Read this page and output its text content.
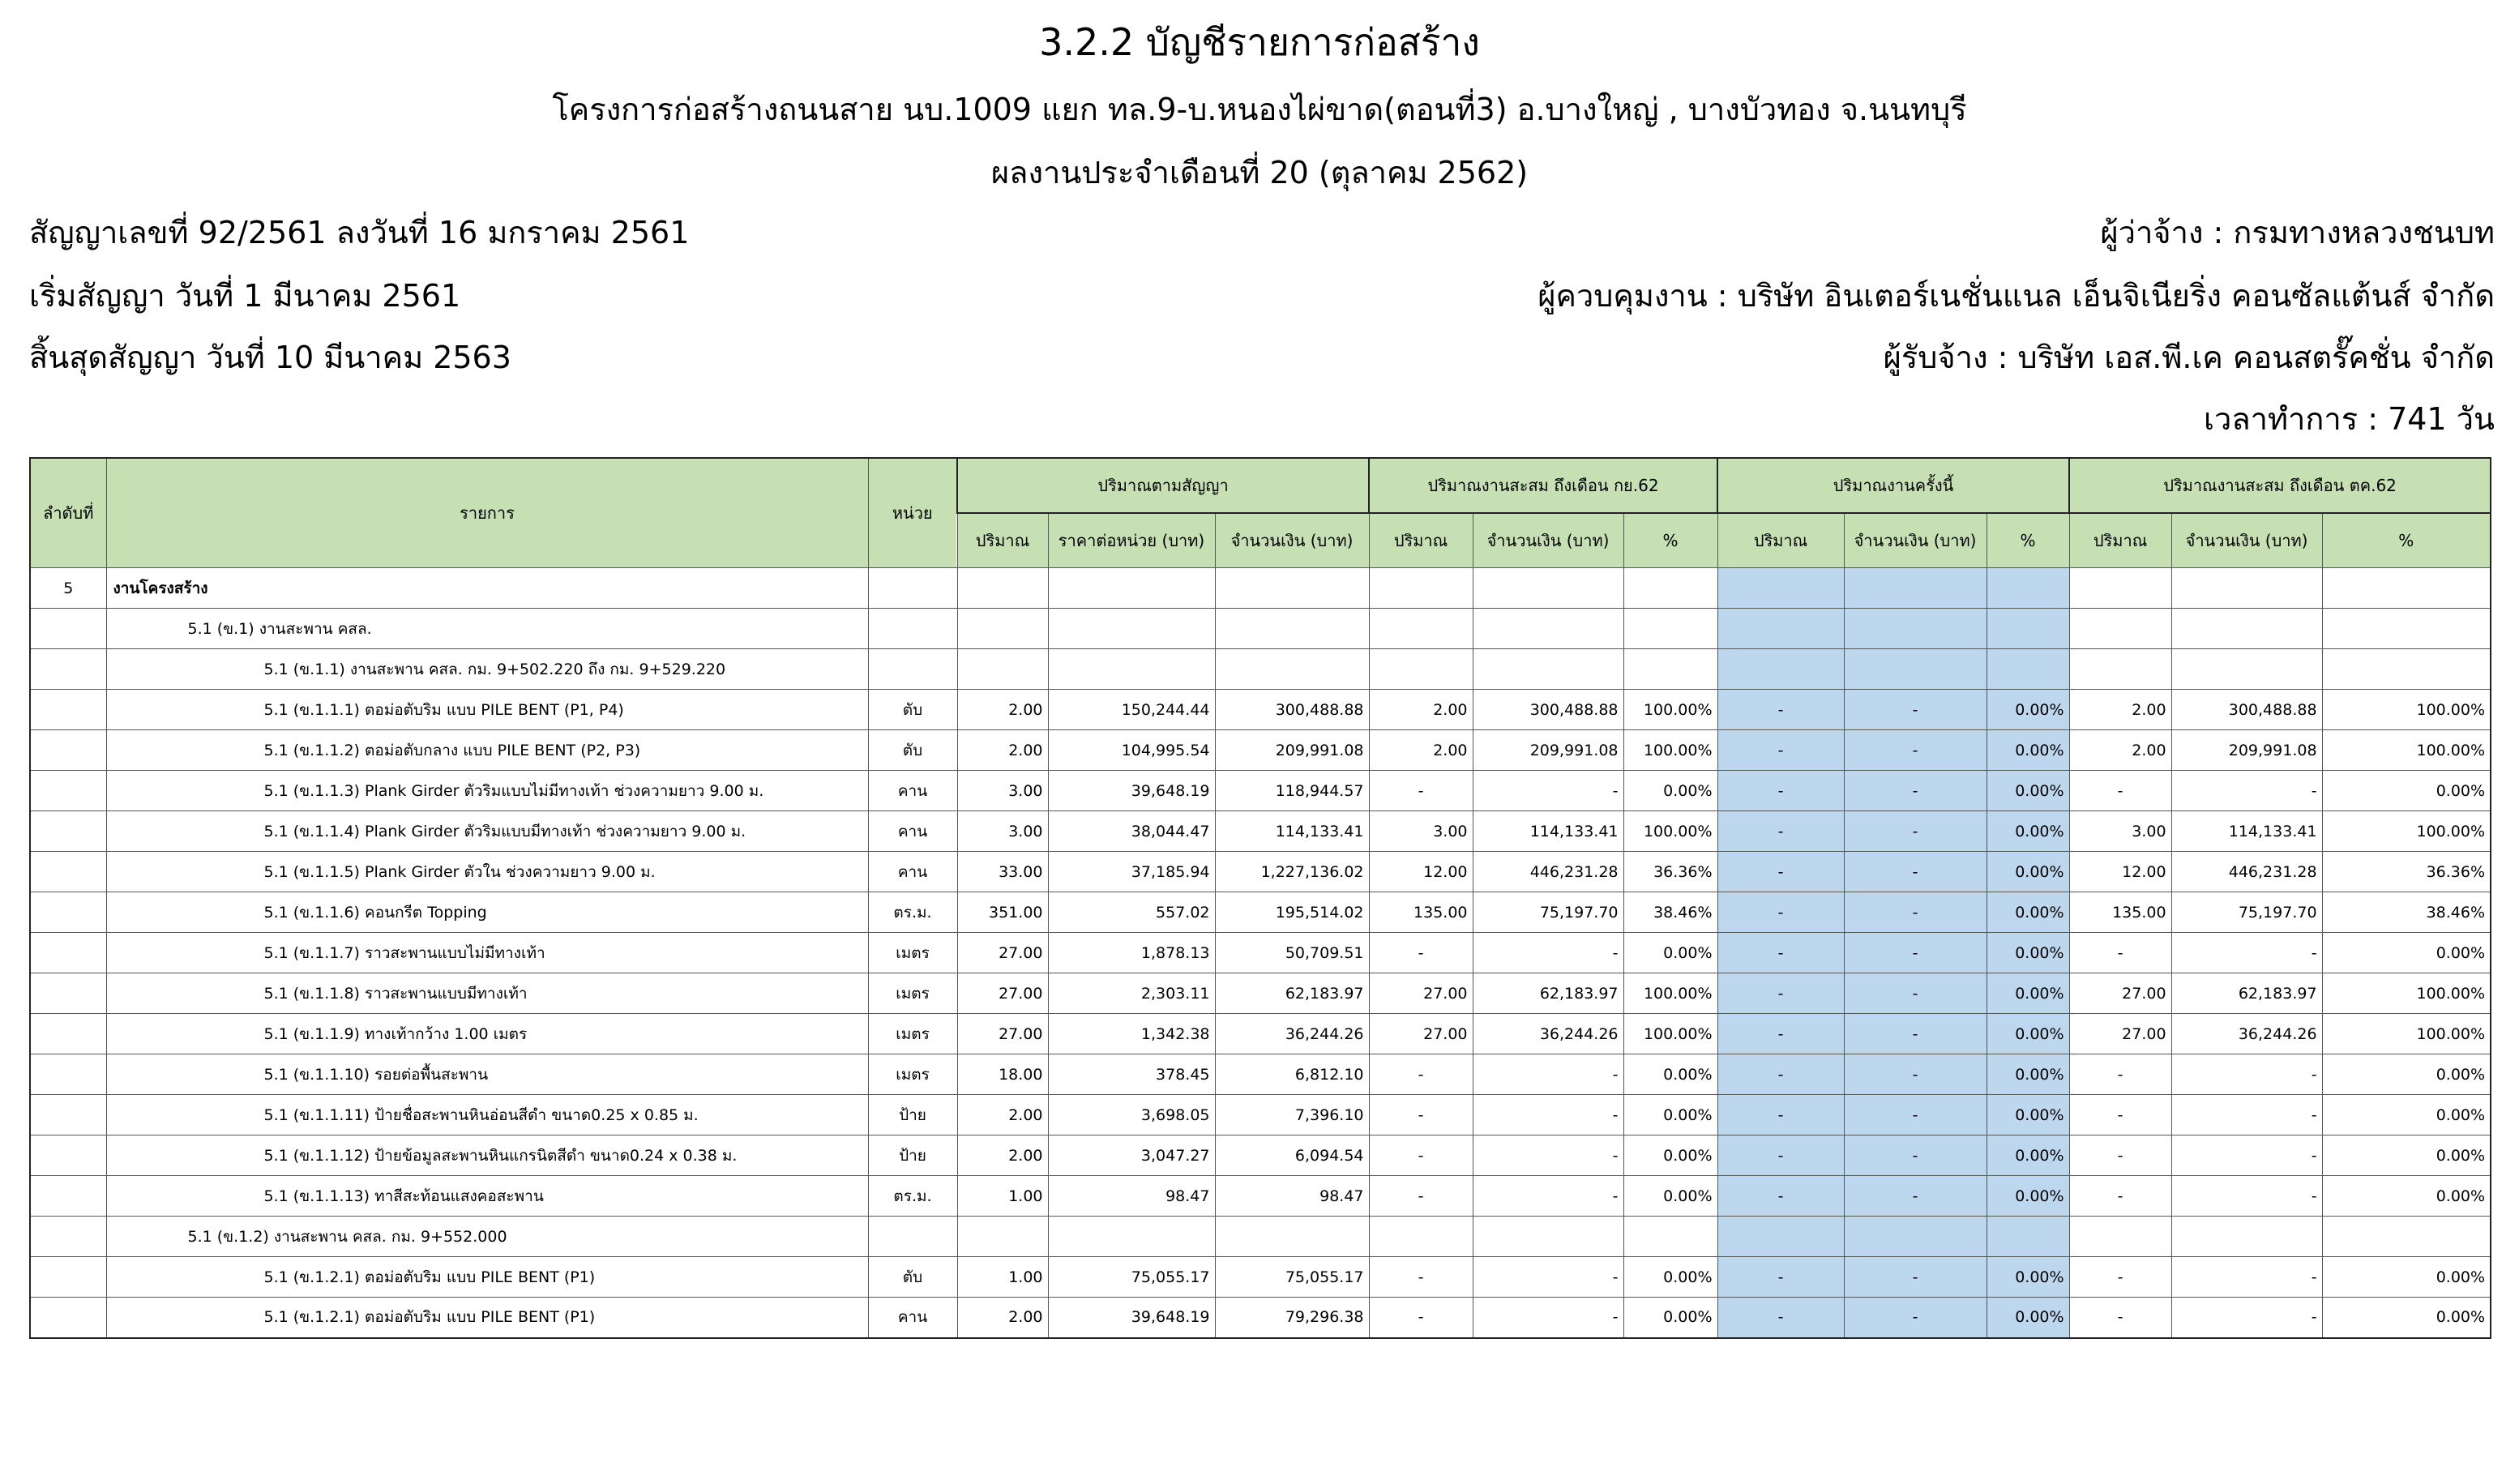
3.2.2 บัญชีรายการก่อสร้าง
โครงการก่อสร้างถนนสาย นบ.1009 แยก ทล.9-บ.หนองไผ่ขาด(ตอนที่3) อ.บางใหญ่ , บางบัวทอง จ.นนทบุรี
ผลงานประจำเดือนที่ 20 (ตุลาคม 2562)
สัญญาเลขที่ 92/2561 ลงวันที่ 16 มกราคม 2561
เริ่มสัญญา วันที่ 1 มีนาคม 2561
สิ้นสุดสัญญา วันที่ 10 มีนาคม 2563
ผู้ว่าจ้าง : กรมทางหลวงชนบท
ผู้ควบคุมงาน : บริษัท อินเตอร์เนชั่นแนล เอ็นจิเนียริ่ง คอนซัลแต้นส์ จำกัด
ผู้รับจ้าง : บริษัท เอส.พี.เค คอนสตรั๊คชั่น จำกัด
เวลาทำการ : 741 วัน
ลำดับที่	รายการ	หน่วย	ปริมาณตามสัญญา			ปริมาณงานสะสม ถึงเดือน กย.62			ปริมาณงานครั้งนี้			ปริมาณงานสะสม ถึงเดือน ตค.62		
			ปริมาณ	ราคาต่อหน่วย (บาท)	จำนวนเงิน (บาท)	ปริมาณ	จำนวนเงิน (บาท)	%	ปริมาณ	จำนวนเงิน (บาท)	%	ปริมาณ	จำนวนเงิน (บาท)	%
5	งานโครงสร้าง													
	5.1 (ข.1) งานสะพาน คสล.													
	5.1 (ข.1.1) งานสะพาน คสล. กม. 9+502.220 ถึง กม. 9+529.220													
	5.1 (ข.1.1.1) ตอม่อตับริม แบบ PILE BENT (P1, P4)	ตับ	2.00	150,244.44	300,488.88	2.00	300,488.88	100.00%	-	-	0.00%	2.00	300,488.88	100.00%
	5.1 (ข.1.1.2) ตอม่อตับกลาง แบบ PILE BENT (P2, P3)	ตับ	2.00	104,995.54	209,991.08	2.00	209,991.08	100.00%	-	-	0.00%	2.00	209,991.08	100.00%
	5.1 (ข.1.1.3) Plank Girder ตัวริมแบบไม่มีทางเท้า ช่วงความยาว 9.00 ม.	คาน	3.00	39,648.19	118,944.57	-	-	0.00%	-	-	0.00%	-	-	0.00%
	5.1 (ข.1.1.4) Plank Girder ตัวริมแบบมีทางเท้า ช่วงความยาว 9.00 ม.	คาน	3.00	38,044.47	114,133.41	3.00	114,133.41	100.00%	-	-	0.00%	3.00	114,133.41	100.00%
	5.1 (ข.1.1.5) Plank Girder ตัวใน ช่วงความยาว 9.00 ม.	คาน	33.00	37,185.94	1,227,136.02	12.00	446,231.28	36.36%	-	-	0.00%	12.00	446,231.28	36.36%
	5.1 (ข.1.1.6) คอนกรีต Topping	ตร.ม.	351.00	557.02	195,514.02	135.00	75,197.70	38.46%	-	-	0.00%	135.00	75,197.70	38.46%
	5.1 (ข.1.1.7) ราวสะพานแบบไม่มีทางเท้า	เมตร	27.00	1,878.13	50,709.51	-	-	0.00%	-	-	0.00%	-	-	0.00%
	5.1 (ข.1.1.8) ราวสะพานแบบมีทางเท้า	เมตร	27.00	2,303.11	62,183.97	27.00	62,183.97	100.00%	-	-	0.00%	27.00	62,183.97	100.00%
	5.1 (ข.1.1.9) ทางเท้ากว้าง 1.00 เมตร	เมตร	27.00	1,342.38	36,244.26	27.00	36,244.26	100.00%	-	-	0.00%	27.00	36,244.26	100.00%
	5.1 (ข.1.1.10) รอยต่อพื้นสะพาน	เมตร	18.00	378.45	6,812.10	-	-	0.00%	-	-	0.00%	-	-	0.00%
	5.1 (ข.1.1.11) ป้ายชื่อสะพานหินอ่อนสีดำ ขนาด0.25 x 0.85 ม.	ป้าย	2.00	3,698.05	7,396.10	-	-	0.00%	-	-	0.00%	-	-	0.00%
	5.1 (ข.1.1.12) ป้ายข้อมูลสะพานหินแกรนิตสีดำ ขนาด0.24 x 0.38 ม.	ป้าย	2.00	3,047.27	6,094.54	-	-	0.00%	-	-	0.00%	-	-	0.00%
	5.1 (ข.1.1.13) ทาสีสะท้อนแสงคอสะพาน	ตร.ม.	1.00	98.47	98.47	-	-	0.00%	-	-	0.00%	-	-	0.00%
	5.1 (ข.1.2) งานสะพาน คสล. กม. 9+552.000													
	5.1 (ข.1.2.1) ตอม่อตับริม แบบ PILE BENT (P1)	ตับ	1.00	75,055.17	75,055.17	-	-	0.00%	-	-	0.00%	-	-	0.00%
	5.1 (ข.1.2.1) ตอม่อตับริม แบบ PILE BENT (P1)	คาน	2.00	39,648.19	79,296.38	-	-	0.00%	-	-	0.00%	-	-	0.00%
